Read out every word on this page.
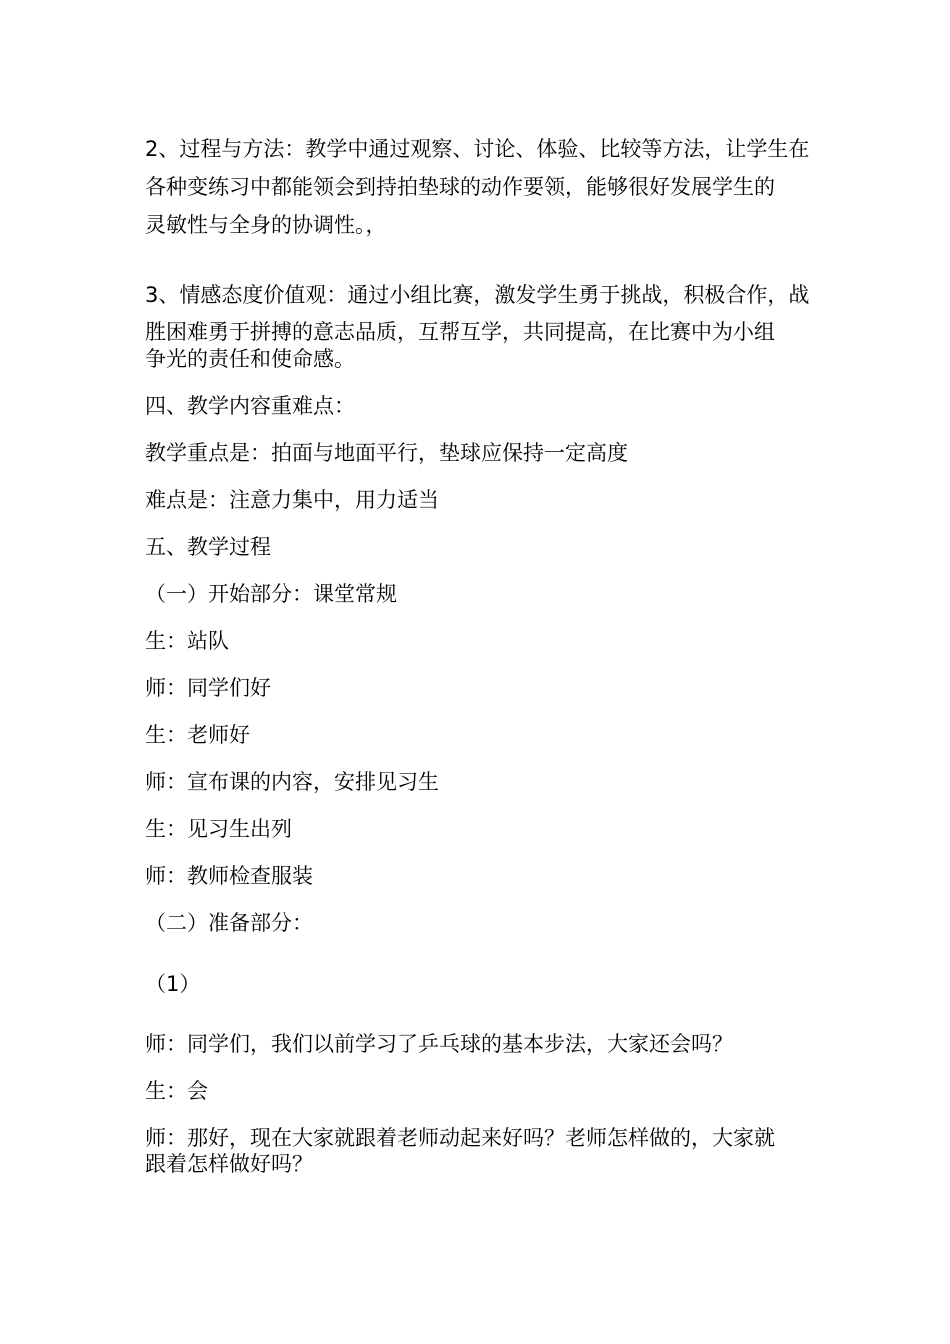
2、过程与方法：教学中通过观察、讨论、体验、比较等方法，让学生在
各种变练习中都能领会到持拍垫球的动作要领，能够很好发展学生的
灵敏性与全身的协调性。，
3、情感态度价值观：通过小组比赛，激发学生勇于挑战，积极合作，战
胜困难勇于拼搏的意志品质，互帮互学，共同提高，在比赛中为小组
争光的责任和使命感。
四、教学内容重难点：
教学重点是：拍面与地面平行，垫球应保持一定高度
难点是：注意力集中，用力适当
五、教学过程
（一）开始部分：课堂常规
生：站队
师：同学们好
生：老师好
师：宣布课的内容，安排见习生
生：见习生出列
师：教师检查服装
（二）准备部分：
（1）
师：同学们，我们以前学习了乒乓球的基本步法，大家还会吗？
生：会
师：那好，现在大家就跟着老师动起来好吗？老师怎样做的，大家就
跟着怎样做好吗？
